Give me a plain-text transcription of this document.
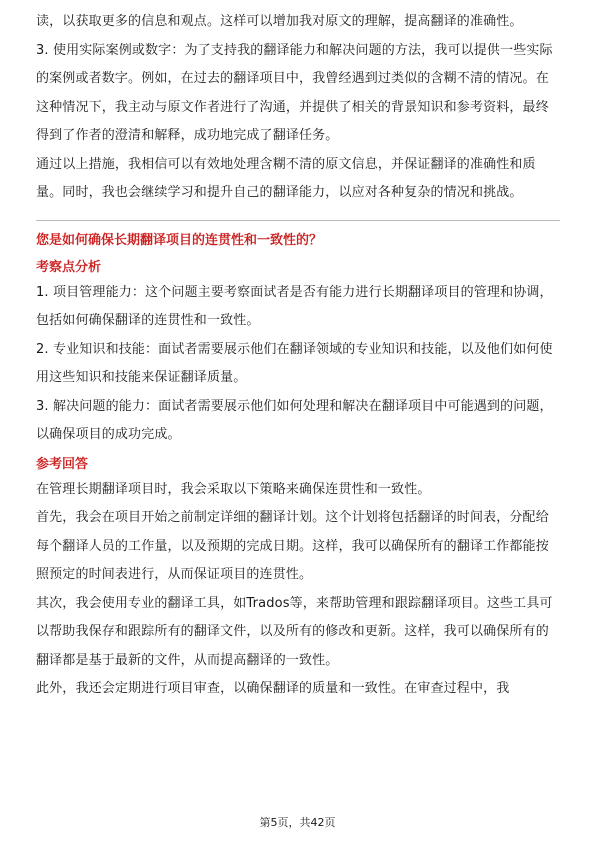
读，以获取更多的信息和观点。这样可以增加我对原文的理解，提高翻译的准确性。

3. 使用实际案例或数字：为了支持我的翻译能力和解决问题的方法，我可以提供一些实际的案例或者数字。例如，在过去的翻译项目中，我曾经遇到过类似的含糊不清的情况。在这种情况下，我主动与原文作者进行了沟通，并提供了相关的背景知识和参考资料，最终得到了作者的澄清和解释，成功地完成了翻译任务。

通过以上措施，我相信可以有效地处理含糊不清的原文信息，并保证翻译的准确性和质量。同时，我也会继续学习和提升自己的翻译能力，以应对各种复杂的情况和挑战。

您是如何确保长期翻译项目的连贯性和一致性的？

考察点分析

1. 项目管理能力：这个问题主要考察面试者是否有能力进行长期翻译项目的管理和协调，包括如何确保翻译的连贯性和一致性。

2. 专业知识和技能：面试者需要展示他们在翻译领域的专业知识和技能，以及他们如何使用这些知识和技能来保证翻译质量。

3. 解决问题的能力：面试者需要展示他们如何处理和解决在翻译项目中可能遇到的问题，以确保项目的成功完成。

参考回答

在管理长期翻译项目时，我会采取以下策略来确保连贯性和一致性。

首先，我会在项目开始之前制定详细的翻译计划。这个计划将包括翻译的时间表，分配给每个翻译人员的工作量，以及预期的完成日期。这样，我可以确保所有的翻译工作都能按照预定的时间表进行，从而保证项目的连贯性。

其次，我会使用专业的翻译工具，如Trados等，来帮助管理和跟踪翻译项目。这些工具可以帮助我保存和跟踪所有的翻译文件，以及所有的修改和更新。这样，我可以确保所有的翻译都是基于最新的文件，从而提高翻译的一致性。

此外，我还会定期进行项目审查，以确保翻译的质量和一致性。在审查过程中，我

第5页，共42页
